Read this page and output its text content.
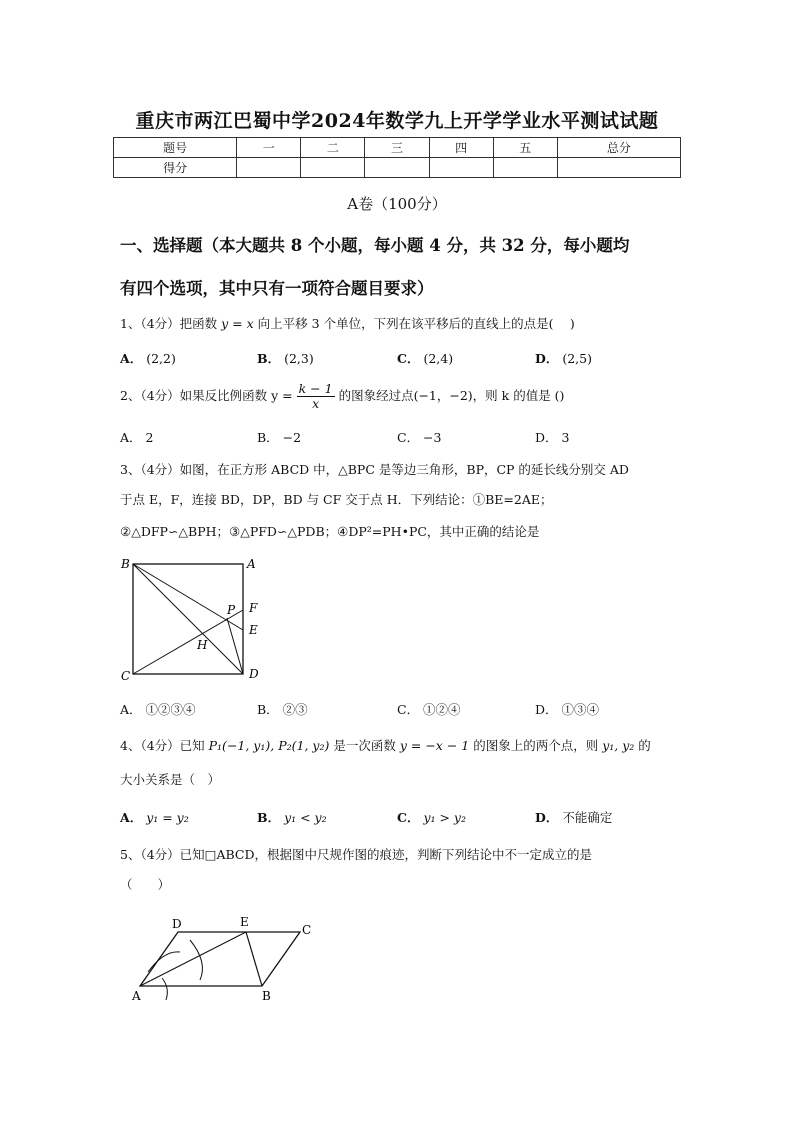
重庆市两江巴蜀中学2024年数学九上开学学业水平测试试题
题号	一	二	三	四	五	总分
得分						
A卷（100分）
一、选择题（本大题共 8 个小题，每小题 4 分，共 32 分，每小题均
有四个选项，其中只有一项符合题目要求）
1、（4分）把函数 y = x 向上平移 3 个单位，下列在该平移后的直线上的点是(　 )
A． (2,2)	B． (2,3)	C． (2,4)	D． (2,5)
2、（4分）如果反比例函数 $y = \frac{k - 1}{x}$ 的图象经过点(−1，−2)，则 k 的值是 ()
A． 2	B． −2	C． −3	D． 3
3、（4分）如图，在正方形 ABCD 中，△BPC 是等边三角形，BP，CP 的延长线分别交 AD
于点 E，F，连接 BD，DP，BD 与 CF 交于点 H．下列结论：①BE=2AE；
②△DFP∽△BPH；③△PFD∽△PDB；④DP²=PH•PC，其中正确的结论是
B	A
P F
E
H
C	D
A． ①②③④	B． ②③	C． ①②④	D． ①③④
4、（4分）已知 P₁(−1, y₁), P₂(1, y₂) 是一次函数 y = −x − 1 的图象上的两个点，则 y₁, y₂ 的
大小关系是（　）
A． y₁ = y₂	B． y₁ < y₂	C． y₁ > y₂	D． 不能确定
5、（4分）已知□ABCD，根据图中尺规作图的痕迹，判断下列结论中不一定成立的是
（　　）
D	E
C
A	B
